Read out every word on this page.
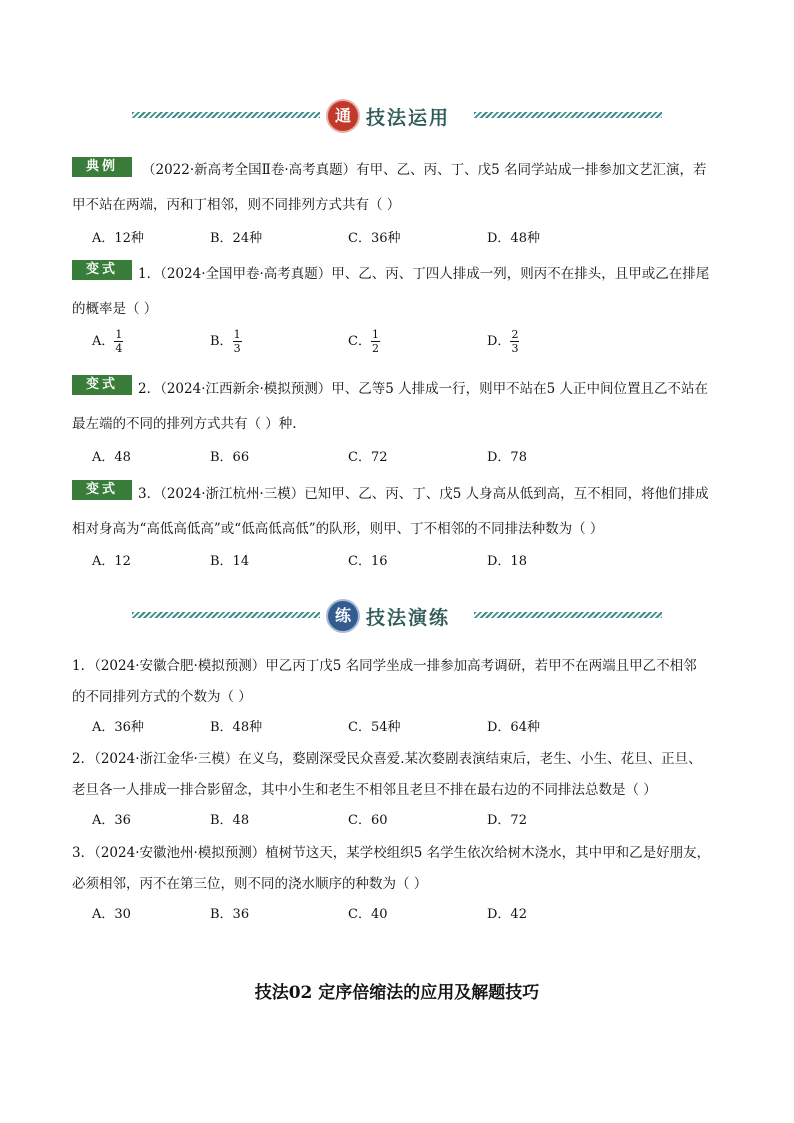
通 技法运用
典例	（2022·新高考全国Ⅱ卷·高考真题）有甲、乙、丙、丁、戊5 名同学站成一排参加文艺汇演，若
甲不站在两端，丙和丁相邻，则不同排列方式共有（ ）
A．12种	B．24种	C．36种	D．48种
变式	1．（2024·全国甲卷·高考真题）甲、乙、丙、丁四人排成一列，则丙不在排头，且甲或乙在排尾
的概率是（ ）
A． $\frac{1}{4}$	B． $\frac{1}{3}$	C． $\frac{1}{2}$	D． $\frac{2}{3}$
变式	2．（2024·江西新余·模拟预测）甲、乙等5 人排成一行，则甲不站在5 人正中间位置且乙不站在
最左端的不同的排列方式共有（ ）种.
A．48	B．66	C．72	D．78
变式	3．（2024·浙江杭州·三模）已知甲、乙、丙、丁、戊5 人身高从低到高，互不相同，将他们排成
相对身高为“高低高低高”或“低高低高低”的队形，则甲、丁不相邻的不同排法种数为（ ）
A．12	B．14	C．16	D．18
练 技法演练
1．（2024·安徽合肥·模拟预测）甲乙丙丁戊5 名同学坐成一排参加高考调研，若甲不在两端且甲乙不相邻
的不同排列方式的个数为（ ）
A．36种	B．48种	C．54种	D．64种
2．（2024·浙江金华·三模）在义乌，婺剧深受民众喜爱.某次婺剧表演结束后，老生、小生、花旦、正旦、
老旦各一人排成一排合影留念，其中小生和老生不相邻且老旦不排在最右边的不同排法总数是（ ）
A．36	B．48	C．60	D．72
3．（2024·安徽池州·模拟预测）植树节这天，某学校组织5 名学生依次给树木浇水，其中甲和乙是好朋友，
必须相邻，丙不在第三位，则不同的浇水顺序的种数为（ ）
A．30	B．36	C．40	D．42
技法02 定序倍缩法的应用及解题技巧
